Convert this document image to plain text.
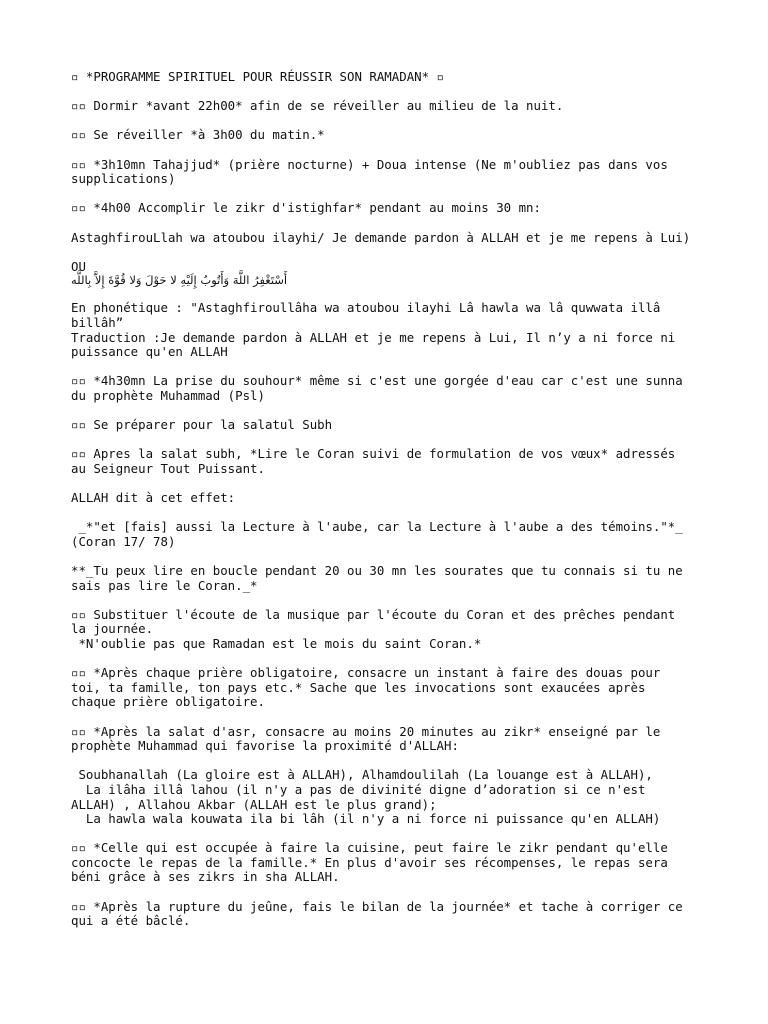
▫ *PROGRAMME SPIRITUEL POUR RÉUSSIR SON RAMADAN* ▫

▫▫ Dormir *avant 22h00* afin de se réveiller au milieu de la nuit.

▫▫ Se réveiller *à 3h00 du matin.*

▫▫ *3h10mn Tahajjud* (prière nocturne) + Doua intense (Ne m'oubliez pas dans vos
supplications)

▫▫ *4h00 Accomplir le zikr d'istighfar* pendant au moins 30 mn:

AstaghfirouLlah wa atoubou ilayhi/ Je demande pardon à ALLAH et je me repens à Lui)

OU

أَسْتَغْفِرُ اللَّهَ وَأَتُوبُ إِلَيْهِ لا حَوْلَ وَلا قُوَّةَ إِلاَّ بِاللَّه

En phonétique : "Astaghfiroullâha wa atoubou ilayhi Lâ hawla wa lâ quwwata illâ
billâh”
Traduction :Je demande pardon à ALLAH et je me repens à Lui, Il n’y a ni force ni
puissance qu'en ALLAH

▫▫ *4h30mn La prise du souhour* même si c'est une gorgée d'eau car c'est une sunna
du prophète Muhammad (Psl)

▫▫ Se préparer pour la salatul Subh

▫▫ Apres la salat subh, *Lire le Coran suivi de formulation de vos vœux* adressés
au Seigneur Tout Puissant.

ALLAH dit à cet effet:

_*"et [fais] aussi la Lecture à l'aube, car la Lecture à l'aube a des témoins."*_
(Coran 17/ 78)

**_Tu peux lire en boucle pendant 20 ou 30 mn les sourates que tu connais si tu ne
sais pas lire le Coran._*

▫▫ Substituer l'écoute de la musique par l'écoute du Coran et des prêches pendant
la journée.
*N'oublie pas que Ramadan est le mois du saint Coran.*

▫▫ *Après chaque prière obligatoire, consacre un instant à faire des douas pour
toi, ta famille, ton pays etc.* Sache que les invocations sont exaucées après
chaque prière obligatoire.

▫▫ *Après la salat d'asr, consacre au moins 20 minutes au zikr* enseigné par le
prophète Muhammad qui favorise la proximité d'ALLAH:

Soubhanallah (La gloire est à ALLAH), Alhamdoulilah (La louange est à ALLAH),
La ilâha illâ lahou (il n'y a pas de divinité digne d’adoration si ce n'est
ALLAH) , Allahou Akbar (ALLAH est le plus grand);
La hawla wala kouwata ila bi lâh (il n'y a ni force ni puissance qu'en ALLAH)

▫▫ *Celle qui est occupée à faire la cuisine, peut faire le zikr pendant qu'elle
concocte le repas de la famille.* En plus d'avoir ses récompenses, le repas sera
béni grâce à ses zikrs in sha ALLAH.

▫▫ *Après la rupture du jeûne, fais le bilan de la journée* et tache à corriger ce
qui a été bâclé.
